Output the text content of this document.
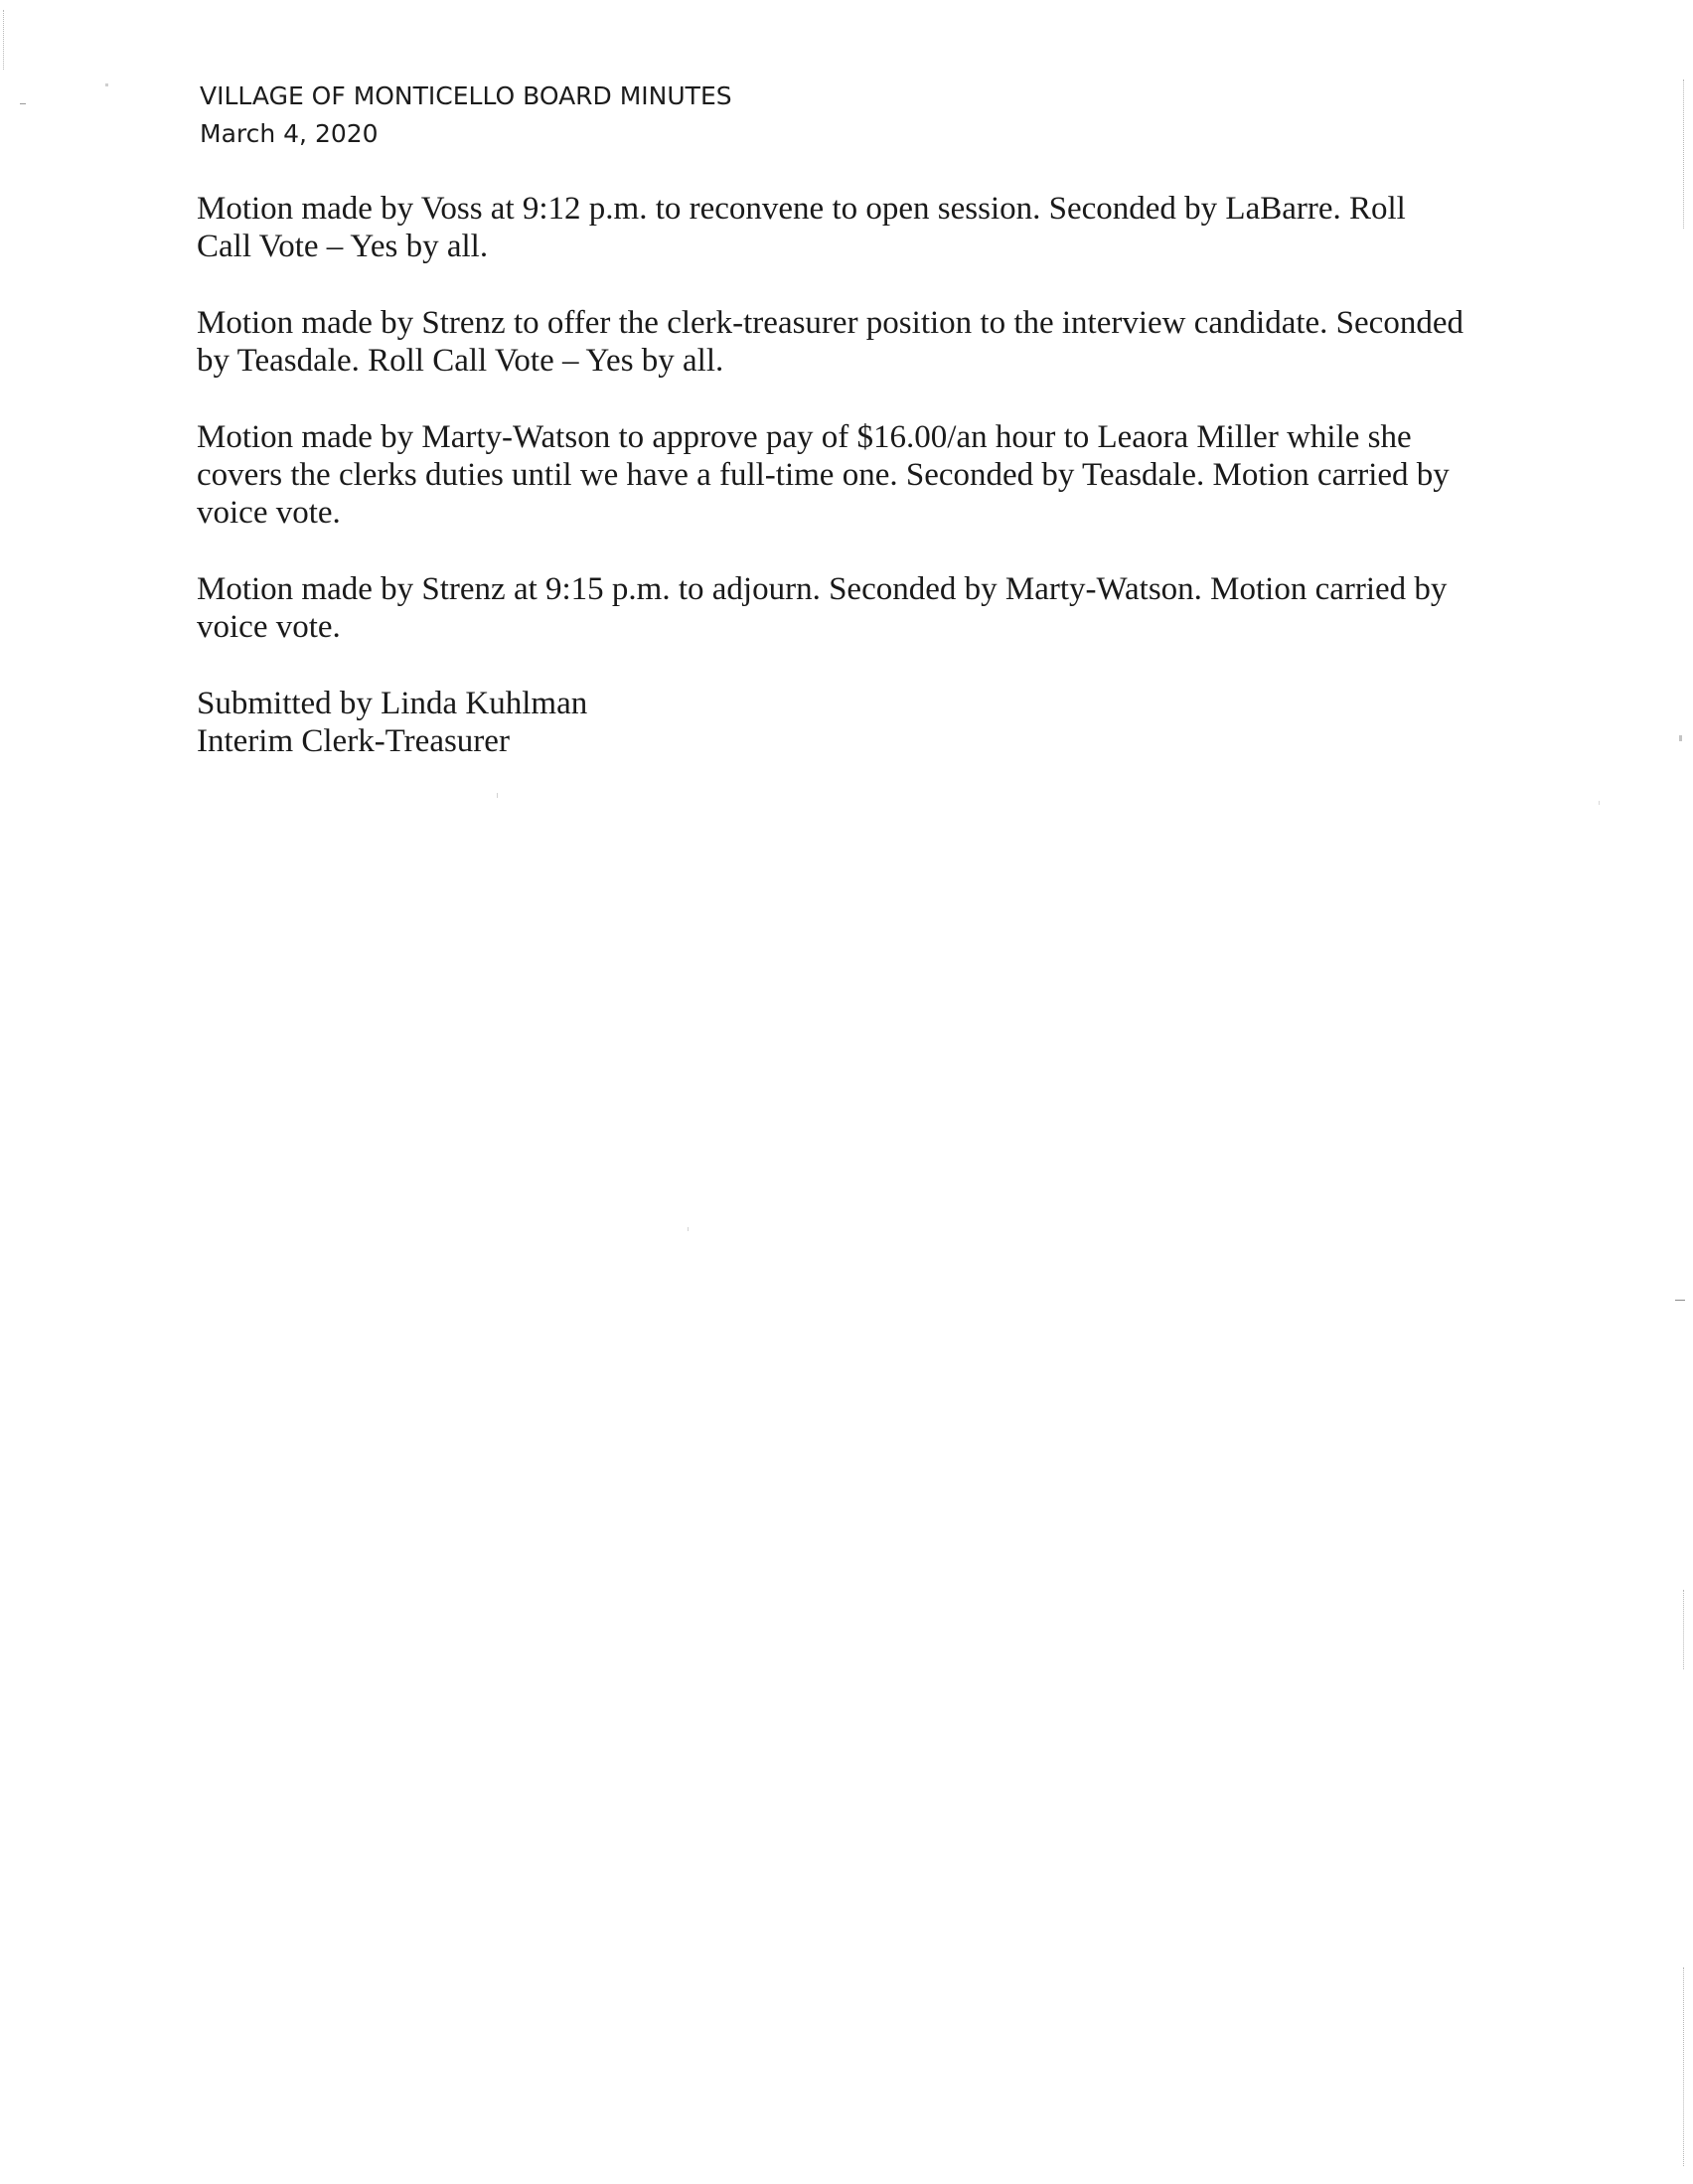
VILLAGE OF MONTICELLO BOARD MINUTES
March 4, 2020
Motion made by Voss at 9:12 p.m. to reconvene to open session. Seconded by LaBarre. Roll
Call Vote – Yes by all.
Motion made by Strenz to offer the clerk-treasurer position to the interview candidate. Seconded
by Teasdale. Roll Call Vote – Yes by all.
Motion made by Marty-Watson to approve pay of $16.00/an hour to Leaora Miller while she
covers the clerks duties until we have a full-time one. Seconded by Teasdale. Motion carried by
voice vote.
Motion made by Strenz at 9:15 p.m. to adjourn. Seconded by Marty-Watson. Motion carried by
voice vote.
Submitted by Linda Kuhlman
Interim Clerk-Treasurer
